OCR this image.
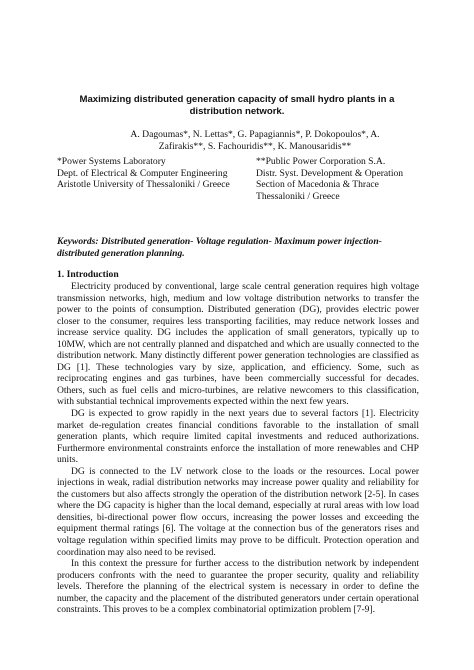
Maximizing distributed generation capacity of small hydro plants in a distribution network.
A. Dagoumas*, N. Lettas*, G. Papagiannis*, P. Dokopoulos*, A. Zafirakis**, S. Fachouridis**, K. Manousaridis**
*Power Systems Laboratory
Dept. of Electrical & Computer Engineering
Aristotle University of Thessaloniki / Greece
**Public Power Corporation S.A.
Distr. Syst. Development & Operation
Section of Macedonia & Thrace
Thessaloniki / Greece
Keywords: Distributed generation- Voltage regulation- Maximum power injection- distributed generation planning.
1. Introduction

Electricity produced by conventional, large scale central generation requires high voltage transmission networks, high, medium and low voltage distribution networks to transfer the power to the points of consumption. Distributed generation (DG), provides electric power closer to the consumer, requires less transporting facilities, may reduce network losses and increase service quality. DG includes the application of small generators, typically up to 10MW, which are not centrally planned and dispatched and which are usually connected to the distribution network. Many distinctly different power generation technologies are classified as DG [1]. These technologies vary by size, application, and efficiency. Some, such as reciprocating engines and gas turbines, have been commercially successful for decades. Others, such as fuel cells and micro-turbines, are relative newcomers to this classification, with substantial technical improvements expected within the next few years.

DG is expected to grow rapidly in the next years due to several factors [1]. Electricity market de-regulation creates financial conditions favorable to the installation of small generation plants, which require limited capital investments and reduced authorizations. Furthermore environmental constraints enforce the installation of more renewables and CHP units.

DG is connected to the LV network close to the loads or the resources. Local power injections in weak, radial distribution networks may increase power quality and reliability for the customers but also affects strongly the operation of the distribution network [2-5]. In cases where the DG capacity is higher than the local demand, especially at rural areas with low load densities, bi-directional power flow occurs, increasing the power losses and exceeding the equipment thermal ratings [6]. The voltage at the connection bus of the generators rises and voltage regulation within specified limits may prove to be difficult. Protection operation and coordination may also need to be revised.

In this context the pressure for further access to the distribution network by independent producers confronts with the need to guarantee the proper security, quality and reliability levels. Therefore the planning of the electrical system is necessary in order to define the number, the capacity and the placement of the distributed generators under certain operational constraints. This proves to be a complex combinatorial optimization problem [7-9].
